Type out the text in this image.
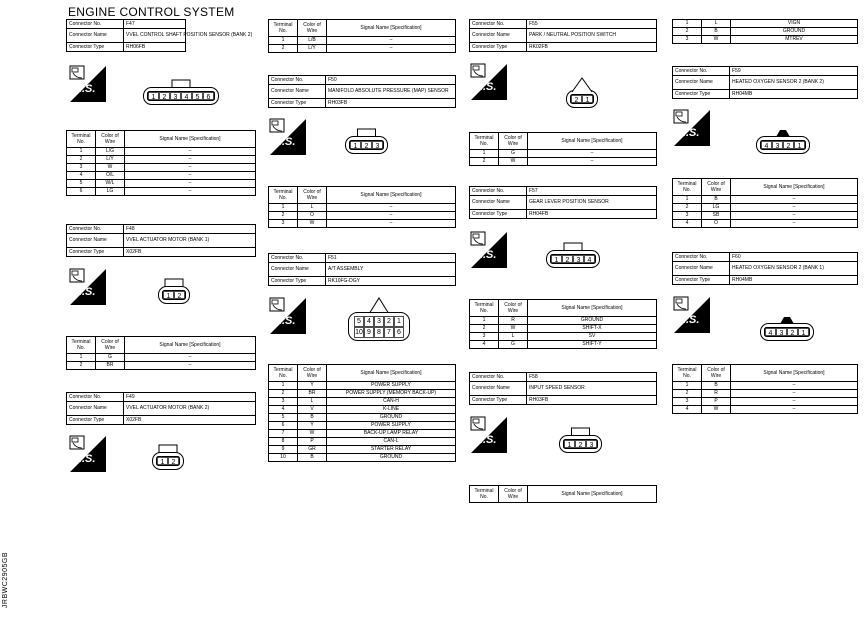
ENGINE CONTROL SYSTEM
JRBWC2905GB
Connector No.	F47
Connector Name	VVEL CONTROL SHAFT POSITION SENSOR (BANK 2)
Connector Type	RH06FB
H.S.
1	2	3	4	5	6
Terminal No.	Color of Wire	Signal Name [Specification]
1	L/G	–
2	L/Y	–
3	W	–
4	O/L	–
5	W/L	–
6	LG	–
Connector No.	F48
Connector Name	VVEL ACTUATOR MOTOR (BANK 1)
Connector Type	X02FB
H.S.	1	2
Terminal No.	Color of Wire	Signal Name [Specification]
1	G	–
2	BR	–
Connector No.	F49
Connector Name	VVEL ACTUATOR MOTOR (BANK 2)
Connector Type	X02FB
H.S.	1	2
Terminal No.	Color of Wire	Signal Name [Specification]
1	L/B	–
2	L/Y	–
Connector No.	F50
Connector Name	MANIFOLD ABSOLUTE PRESSURE (MAP) SENSOR
Connector Type	RH03FB
H.S.	1	2	3
Terminal No.	Color of Wire	Signal Name [Specification]
1	L	–
2	O	–
3	W	–
Connector No.	F51
Connector Name	A/T ASSEMBLY
Connector Type	RK10FG-DGY
H.S.	5 4 3 2 1
10 9 8 7 6
Terminal No.	Color of Wire	Signal Name [Specification]
1	Y	POWER SUPPLY
2	BR	POWER SUPPLY (MEMORY BACK-UP)
3	L	CAN-H
4	V	K-LINE
5	B	GROUND
6	Y	POWER SUPPLY
7	W	BACK-UP LAMP RELAY
8	P	CAN-L
9	GR	STARTER RELAY
10	B	GROUND
Connector No.	F55
Connector Name	PARK / NEUTRAL POSITION SWITCH
Connector Type	RK02FB
H.S.
2	1
Terminal No.	Color of Wire	Signal Name [Specification]
1	G	–
2	W	–
Connector No.	F57
Connector Name	GEAR LEVER POSITION SENSOR
Connector Type	RH04FB
H.S.	1	2	3	4
Terminal No.	Color of Wire	Signal Name [Specification]
1	R	GROUND
2	W	SHIFT-X
3	L	SV
4	G	SHIFT-Y
Connector No.	F58
Connector Name	INPUT SPEED SENSOR
Connector Type	RH03FB
H.S.	1	2	3
Terminal No.	Color of Wire	Signal Name [Specification]
1	L	VIGN
2	B	GROUND
3	W	MTREV
Connector No.	F59
Connector Name	HEATED OXYGEN SENSOR 2 (BANK 2)
Connector Type	RH04MB
H.S.
4	3	2	1
Terminal No.	Color of Wire	Signal Name [Specification]
1	B	–
2	LG	–
3	SB	–
4	O	–
Connector No.	F60
Connector Name	HEATED OXYGEN SENSOR 2 (BANK 1)
Connector Type	RH04MB
H.S.
4	3	2	1
Terminal No.	Color of Wire	Signal Name [Specification]
1	B	–
2	R	–
3	P	–
4	W	–
